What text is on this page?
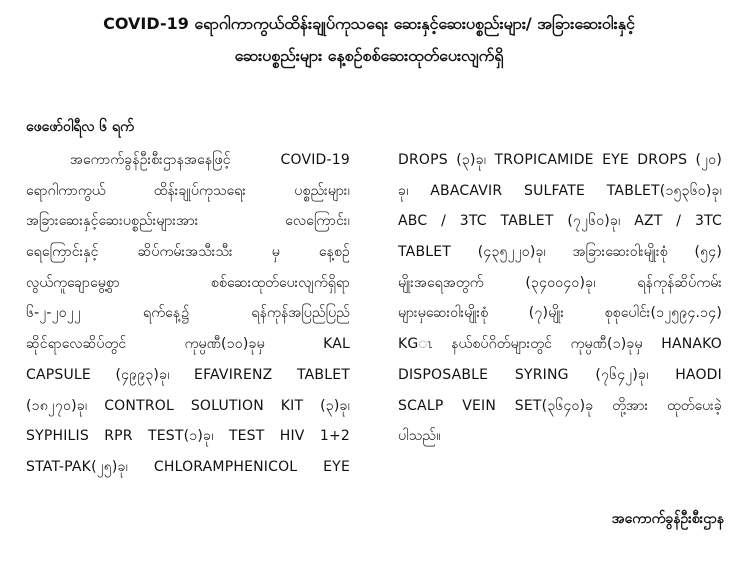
COVID-19 ရောဂါကာကွယ်ထိန်းချုပ်ကုသရေး ဆေးနှင့်ဆေးပစ္စည်းများ/ အခြားဆေးဝါးနှင့်
ဆေးပစ္စည်းများ နေ့စဉ်စစ်ဆေးထုတ်ပေးလျက်ရှိ

ဖေဖော်ဝါရီလ ၆ ရက်

အကောက်ခွန်ဦးစီးဌာနအနေဖြင့် COVID-19
ရောဂါကာကွယ် ထိန်းချုပ်ကုသရေး ပစ္စည်းများ၊
အခြားဆေးနှင့်ဆေးပစ္စည်းများအား လေကြောင်း၊
ရေကြောင်းနှင့် ဆိပ်ကမ်းအသီးသီး မှ နေ့စဉ်
လွယ်ကူချောမွေ့စွာ စစ်ဆေးထုတ်ပေးလျက်ရှိရာ
၆-၂-၂၀၂၂ ရက်နေ့၌ ရန်ကုန်အပြည်ပြည်
ဆိုင်ရာလေဆိပ်တွင် ကုမ္ပဏီ(၁၀)ခုမှ KAL
CAPSULE (၄၉၉၃)ခု၊ EFAVIRENZ TABLET
(၁၈၂၇၀)ခု၊ CONTROL SOLUTION KIT (၃)ခု၊
SYPHILIS RPR TEST(၁)ခု၊ TEST HIV 1+2
STAT-PAK(၂၅)ခု၊ CHLORAMPHENICOL EYE
DROPS (၃)ခု၊ TROPICAMIDE EYE DROPS (၂၀)
ခု၊ ABACAVIR SULFATE TABLET(၁၅၃၆၀)ခု၊
ABC / 3TC TABLET (၇၂၆၀)ခု၊ AZT / 3TC
TABLET (၄၃၅၂၂၀)ခု၊ အခြားဆေးဝါးမျိုးစုံ (၅၄)
မျိုးအရေအတွက် (၃၄၀၀၄၀)ခု၊ ရန်ကုန်ဆိပ်ကမ်း
များမှဆေးဝါးမျိုးစုံ (၇)မျိုး စုစုပေါင်း(၁၂၅၉၄.၁၄)
KGၤ နယ်စပ်ဂိတ်များတွင် ကုမ္ပဏီ(၁)ခုမှ HANAKO
DISPOSABLE SYRING (၇၆၄၂)ခု၊ HAODI
SCALP VEIN SET(၃၆၄၀)ခု တို့အား ထုတ်ပေးခဲ့
ပါသည်။

အကောက်ခွန်ဦးစီးဌာန
